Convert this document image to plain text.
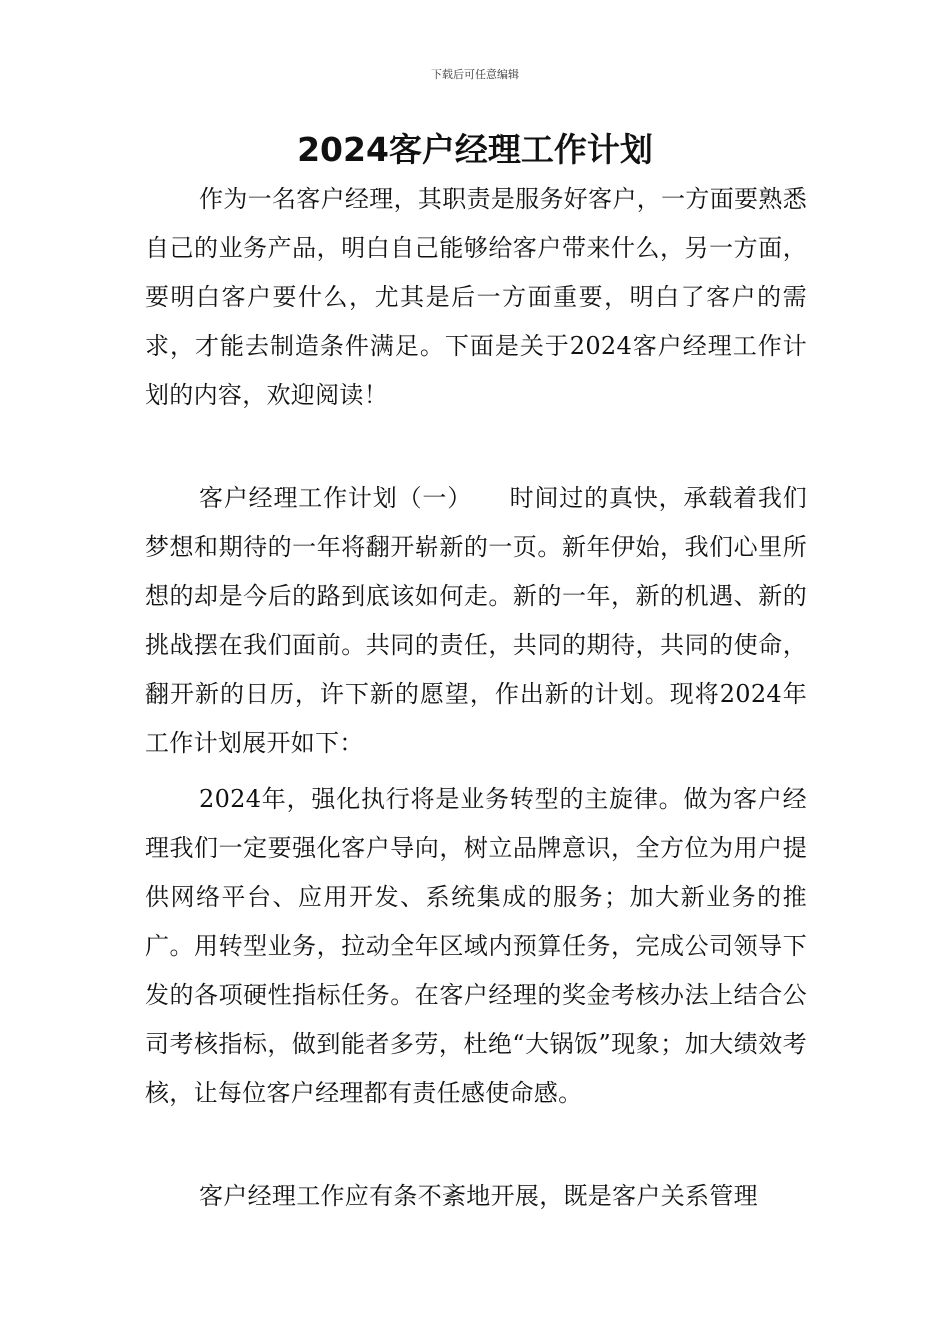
下载后可任意编辑
2024客户经理工作计划

作为一名客户经理，其职责是服务好客户，一方面要熟悉自己的业务产品，明白自己能够给客户带来什么，另一方面，要明白客户要什么，尤其是后一方面重要，明白了客户的需求，才能去制造条件满足。下面是关于2024客户经理工作计划的内容，欢迎阅读！

客户经理工作计划（一）　　时间过的真快，承载着我们梦想和期待的一年将翻开崭新的一页。新年伊始，我们心里所想的却是今后的路到底该如何走。新的一年，新的机遇、新的挑战摆在我们面前。共同的责任，共同的期待，共同的使命，翻开新的日历，许下新的愿望，作出新的计划。现将2024年工作计划展开如下：

2024年，强化执行将是业务转型的主旋律。做为客户经理我们一定要强化客户导向，树立品牌意识，全方位为用户提供网络平台、应用开发、系统集成的服务；加大新业务的推广。用转型业务，拉动全年区域内预算任务，完成公司领导下发的各项硬性指标任务。在客户经理的奖金考核办法上结合公司考核指标，做到能者多劳，杜绝“大锅饭”现象；加大绩效考核，让每位客户经理都有责任感使命感。

客户经理工作应有条不紊地开展，既是客户关系管理
